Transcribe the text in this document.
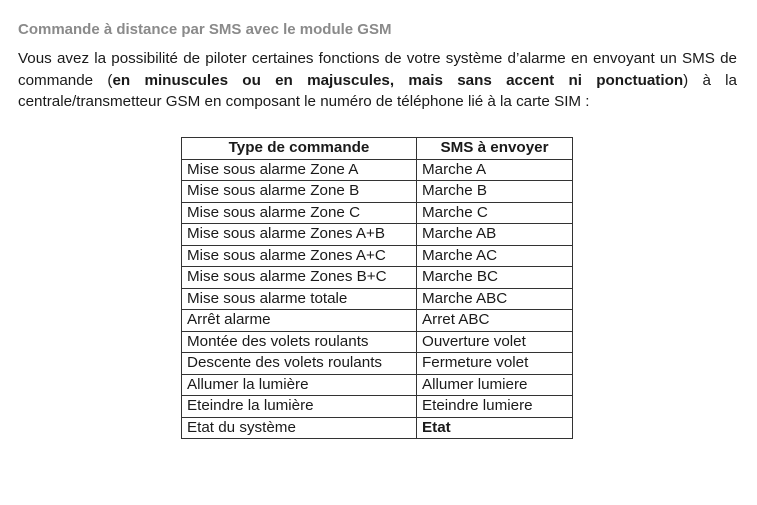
Commande à distance par SMS avec le module GSM

Vous avez la possibilité de piloter certaines fonctions de votre système d’alarme en envoyant un SMS de commande (en minuscules ou en majuscules, mais sans accent ni ponctuation) à la centrale/transmetteur GSM en composant le numéro de téléphone lié à la carte SIM :

Type de commande	SMS à envoyer
Mise sous alarme Zone A	Marche A
Mise sous alarme Zone B	Marche B
Mise sous alarme Zone C	Marche C
Mise sous alarme Zones A+B	Marche AB
Mise sous alarme Zones A+C	Marche AC
Mise sous alarme Zones B+C	Marche BC
Mise sous alarme totale	Marche ABC
Arrêt alarme	Arret ABC
Montée des volets roulants	Ouverture volet
Descente des volets roulants	Fermeture volet
Allumer la lumière	Allumer lumiere
Eteindre la lumière	Eteindre lumiere
Etat du système	Etat
